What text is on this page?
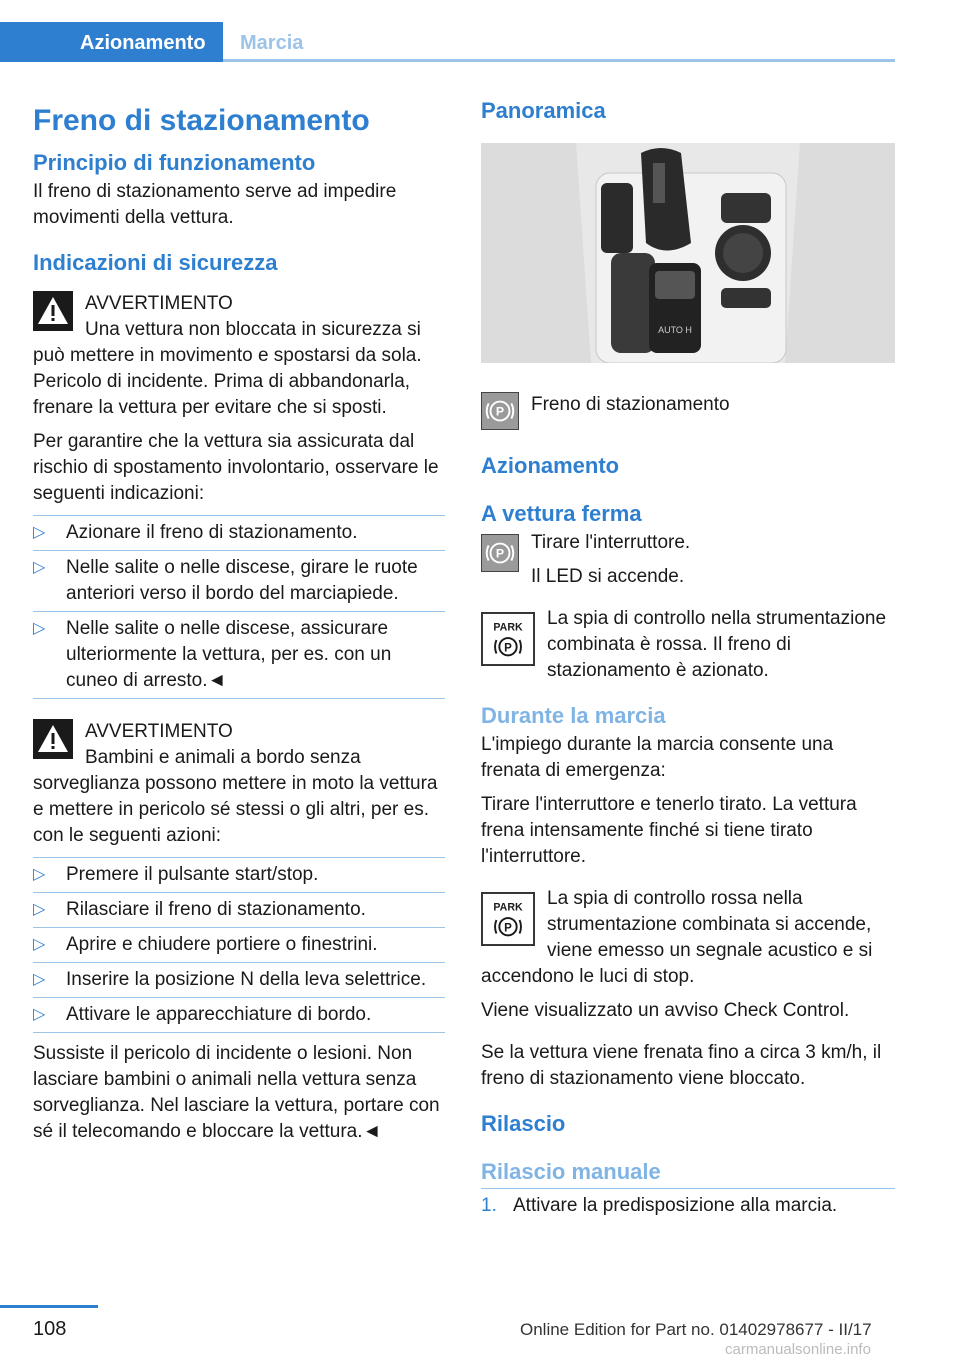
Azionamento	Marcia
Freno di stazionamento
Principio di funzionamento

Il freno di stazionamento serve ad impedire movimenti della vettura.

Indicazioni di sicurezza
AVVERTIMENTO

Una vettura non bloccata in sicurezza si può mettere in movimento e spostarsi da sola. Pericolo di incidente. Prima di abbandonarla, frenare la vettura per evitare che si sposti.

Per garantire che la vettura sia assicurata dal rischio di spostamento involontario, osservare le seguenti indicazioni:

▷ Azionare il freno di stazionamento.
▷ Nelle salite o nelle discese, girare le ruote anteriori verso il bordo del marciapiede.
▷ Nelle salite o nelle discese, assicurare ulteriormente la vettura, per es. con un cuneo di arresto.◄
AVVERTIMENTO

Bambini e animali a bordo senza sorveglianza possono mettere in moto la vettura e mettere in pericolo sé stessi o gli altri, per es. con le seguenti azioni:

▷ Premere il pulsante start/stop.
▷ Rilasciare il freno di stazionamento.
▷ Aprire e chiudere portiere o finestrini.
▷ Inserire la posizione N della leva selettrice.
▷ Attivare le apparecchiature di bordo.

Sussiste il pericolo di incidente o lesioni. Non lasciare bambini o animali nella vettura senza sorveglianza. Nel lasciare la vettura, portare con sé il telecomando e bloccare la vettura.◄

Panoramica
AUTO H
P	Freno di stazionamento

Azionamento
A vettura ferma
P

Tirare l'interruttore.

Il LED si accende.

PARK
P

La spia di controllo nella strumentazione combinata è rossa. Il freno di stazionamento è azionato.

Durante la marcia

L'impiego durante la marcia consente una frenata di emergenza:

Tirare l'interruttore e tenerlo tirato. La vettura frena intensamente finché si tiene tirato l'interruttore.

PARK
P

La spia di controllo rossa nella strumentazione combinata si accende, viene emesso un segnale acustico e si accendono le luci di stop.

Viene visualizzato un avviso Check Control.

Se la vettura viene frenata fino a circa 3 km/h, il freno di stazionamento viene bloccato.

Rilascio
Rilascio manuale
1. Attivare la predisposizione alla marcia.
108	Online Edition for Part no. 01402978677 - II/17
carmanualsonline.info
